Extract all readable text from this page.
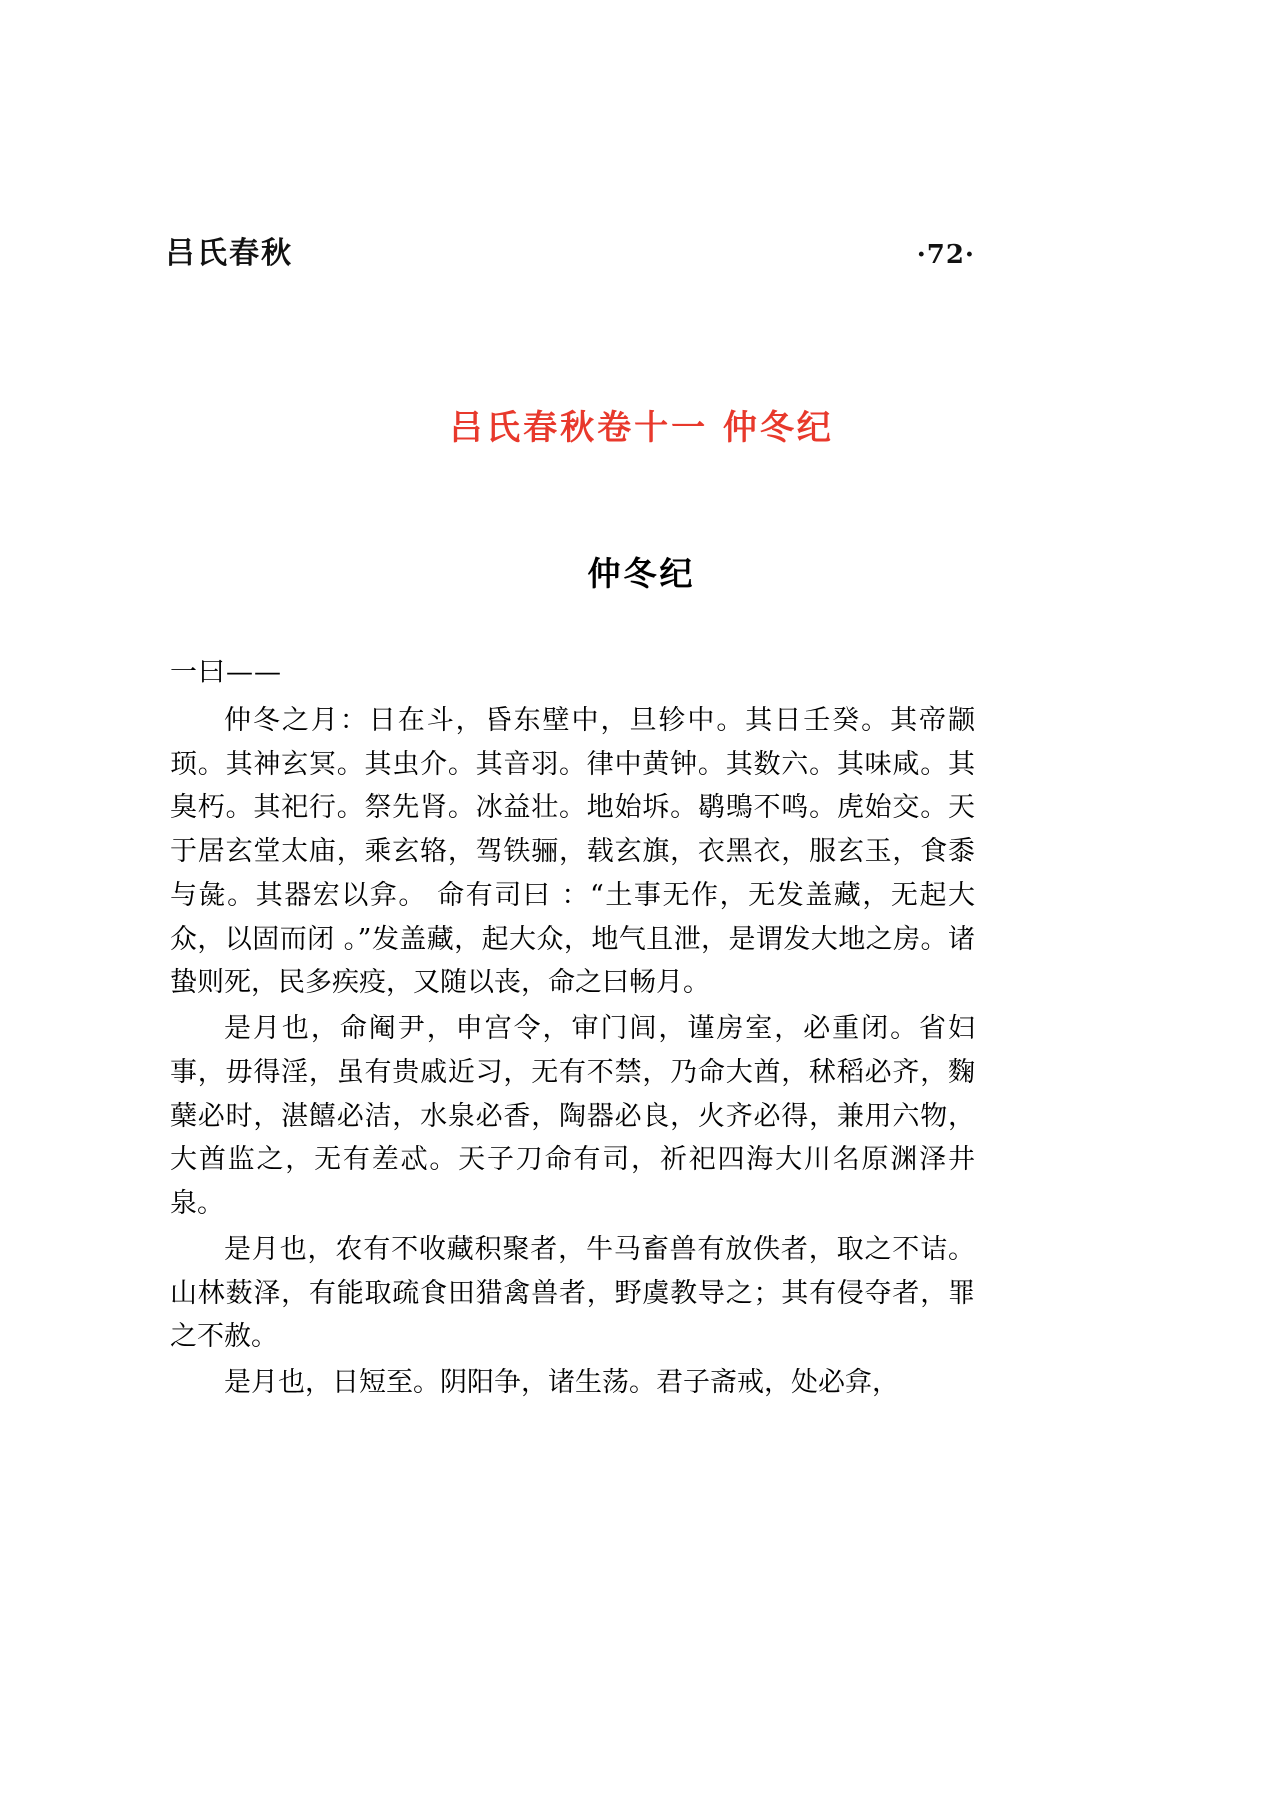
吕氏春秋	·72·
吕氏春秋卷十一 仲冬纪
仲冬纪

一曰——

仲冬之月：日在斗，昏东壁中，旦轸中。其日壬癸。其帝颛顼。其神玄冥。其虫介。其音羽。律中黄钟。其数六。其味咸。其臭朽。其祀行。祭先肾。冰益壮。地始坼。鹖鴠不鸣。虎始交。天于居玄堂太庙，乘玄辂，驾铁骊，载玄旗，衣黑衣，服玄玉，食黍与彘。其器宏以弇。 命有司曰 ：“土事无作，无发盖藏，无起大众，以固而闭 。”发盖藏，起大众，地气且泄，是谓发大地之房。诸蛰则死，民多疾疫，又随以丧，命之曰畅月。

是月也，命阉尹，申宫令，审门闾，谨房室，必重闭。省妇事，毋得淫，虽有贵戚近习，无有不禁，乃命大酋，秫稻必齐，麴蘖必时，湛饎必洁，水泉必香，陶器必良，火齐必得，兼用六物，大酋监之，无有差忒。天子刀命有司，祈祀四海大川名原渊泽井泉。

是月也，农有不收藏积聚者，牛马畜兽有放佚者，取之不诘。山林薮泽，有能取疏食田猎禽兽者，野虞教导之；其有侵夺者，罪之不赦。

是月也，日短至。阴阳争，诸生荡。君子斋戒，处必弇，
